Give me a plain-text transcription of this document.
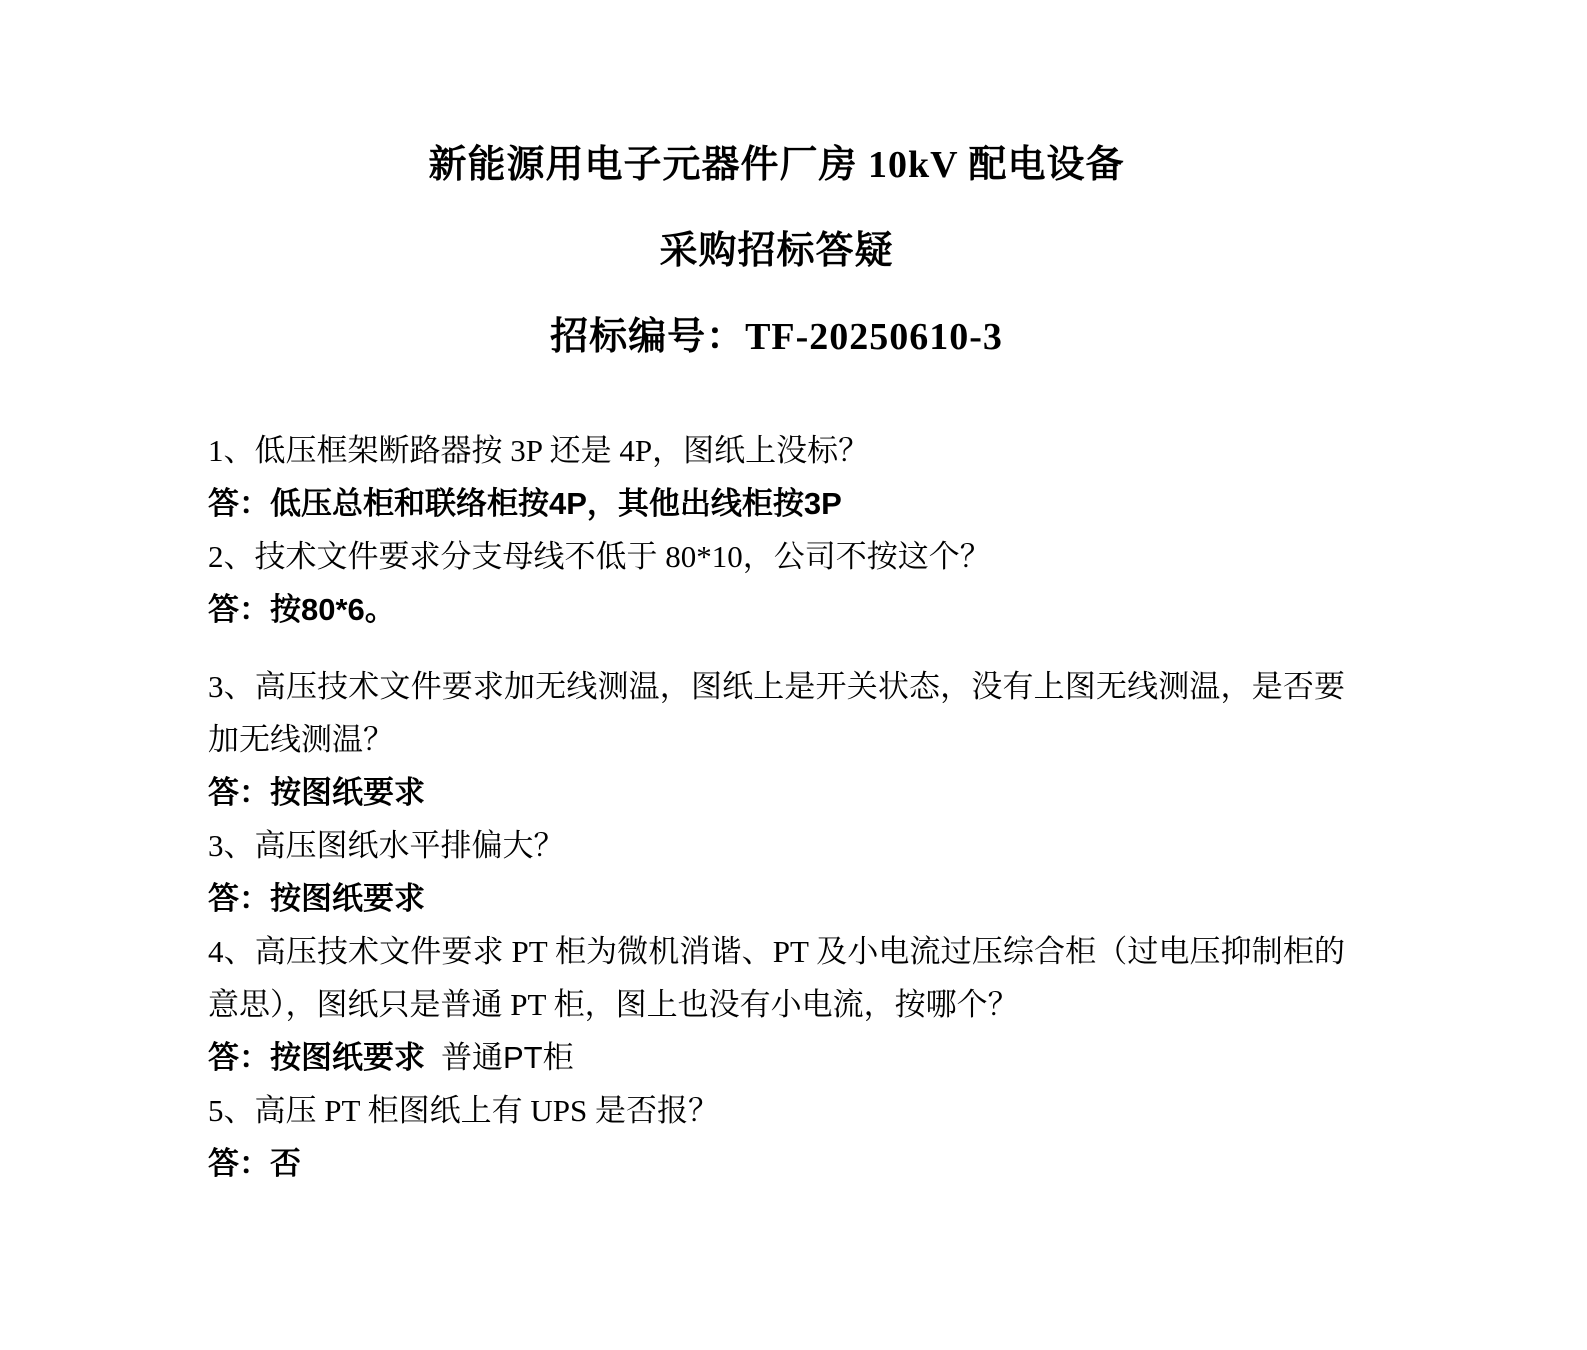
新能源用电子元器件厂房 10kV 配电设备
采购招标答疑
招标编号：TF-20250610-3

1、低压框架断路器按 3P 还是 4P，图纸上没标？

答：低压总柜和联络柜按4P，其他出线柜按3P

2、技术文件要求分支母线不低于 80*10，公司不按这个？

答：按80*6。

3、高压技术文件要求加无线测温，图纸上是开关状态，没有上图无线测温，是否要加无线测温？

答：按图纸要求

3、高压图纸水平排偏大？

答：按图纸要求

4、高压技术文件要求 PT 柜为微机消谐、PT 及小电流过压综合柜（过电压抑制柜的意思），图纸只是普通 PT 柜，图上也没有小电流，按哪个？

答：按图纸要求 普通PT柜

5、高压 PT 柜图纸上有 UPS 是否报？

答：否
